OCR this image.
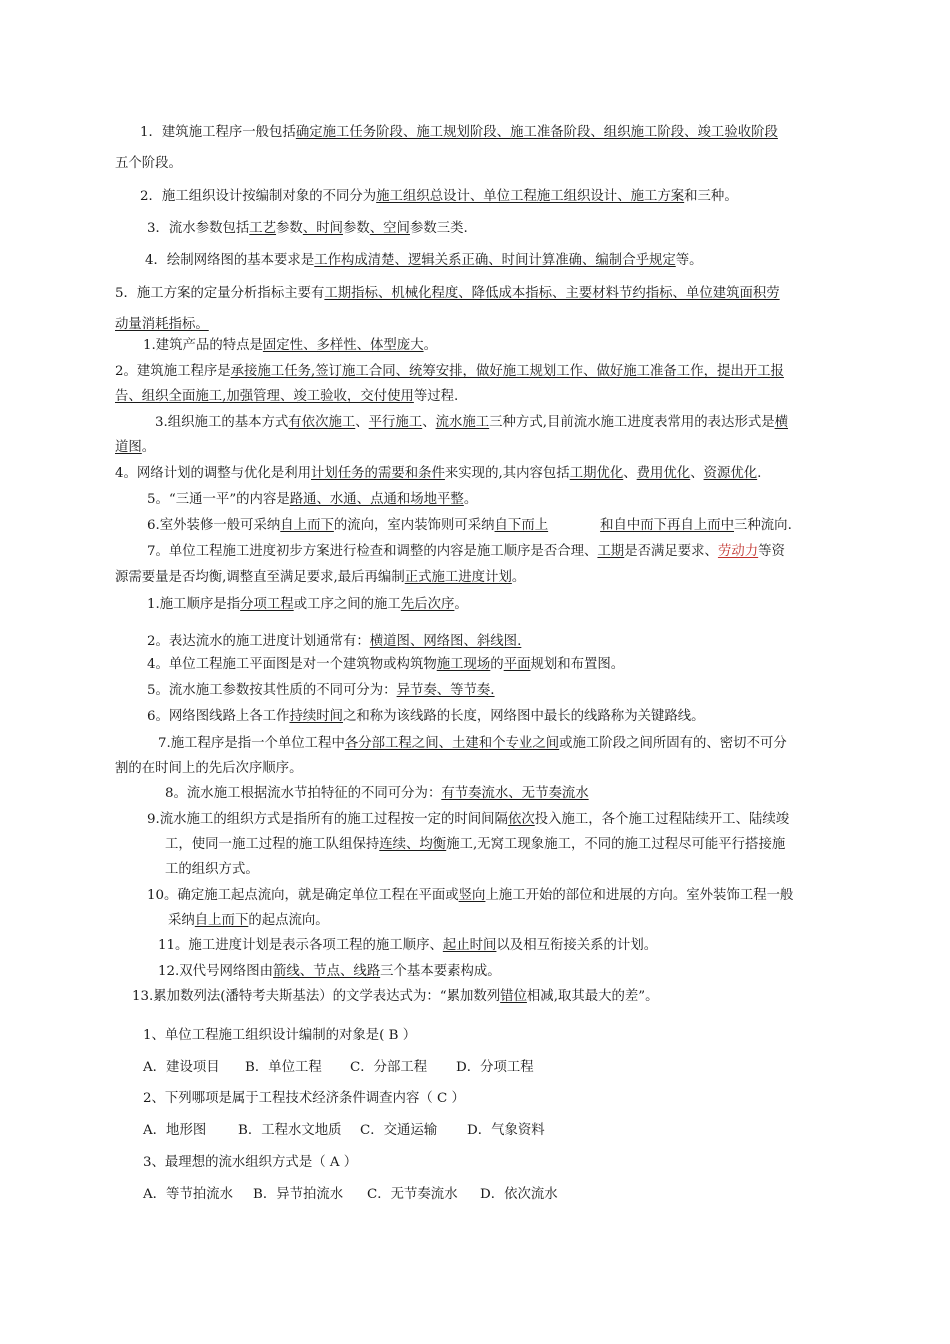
1．建筑施工程序一般包括确定施工任务阶段、施工规划阶段、施工准备阶段、组织施工阶段、竣工验收阶段
五个阶段。
2．施工组织设计按编制对象的不同分为施工组织总设计、单位工程施工组织设计、施工方案和三种。
3．流水参数包括工艺参数、时间参数、空间参数三类.
4．绘制网络图的基本要求是工作构成清楚、逻辑关系正确、时间计算准确、编制合乎规定等。
5．施工方案的定量分析指标主要有工期指标、机械化程度、降低成本指标、主要材料节约指标、单位建筑面积劳
动量消耗指标。
1.建筑产品的特点是固定性、多样性、体型庞大。
2。建筑施工程序是承接施工任务,签订施工合同、统筹安排，做好施工规划工作、做好施工准备工作，提出开工报
告、组织全面施工,加强管理、竣工验收，交付使用等过程.
3.组织施工的基本方式有依次施工、平行施工、流水施工三种方式,目前流水施工进度表常用的表达形式是横
道图。
4。网络计划的调整与优化是利用计划任务的需要和条件来实现的,其内容包括工期优化、费用优化、资源优化.
5。“三通一平”的内容是路通、水通、点通和场地平整。
6.室外装修一般可采纳自上而下的流向，室内装饰则可采纳自下而上	和自中而下再自上而中三种流向.
7。单位工程施工进度初步方案进行检查和调整的内容是施工顺序是否合理、工期是否满足要求、劳动力等资
源需要量是否均衡,调整直至满足要求,最后再编制正式施工进度计划。
1.施工顺序是指分项工程或工序之间的施工先后次序。
2。表达流水的施工进度计划通常有：横道图、网络图、斜线图.
4。单位工程施工平面图是对一个建筑物或构筑物施工现场的平面规划和布置图。
5。流水施工参数按其性质的不同可分为：异节奏、等节奏.
6。网络图线路上各工作持续时间之和称为该线路的长度，网络图中最长的线路称为关键路线。
7.施工程序是指一个单位工程中各分部工程之间、土建和个专业之间或施工阶段之间所固有的、密切不可分
割的在时间上的先后次序顺序。
8。流水施工根据流水节拍特征的不同可分为：有节奏流水、无节奏流水
9.流水施工的组织方式是指所有的施工过程按一定的时间间隔依次投入施工，各个施工过程陆续开工、陆续竣
工，使同一施工过程的施工队组保持连续、均衡施工,无窝工现象施工，不同的施工过程尽可能平行搭接施
工的组织方式。
10。确定施工起点流向，就是确定单位工程在平面或竖向上施工开始的部位和进展的方向。室外装饰工程一般
采纳自上而下的起点流向。
11。施工进度计划是表示各项工程的施工顺序、起止时间以及相互衔接关系的计划。
12.双代号网络图由箭线、节点、线路三个基本要素构成。
13.累加数列法(潘特考夫斯基法）的文学表达式为：“累加数列错位相减,取其最大的差”。
1、单位工程施工组织设计编制的对象是( B ）
A．建设项目 B．单位工程 C．分部工程 D．分项工程
2、下列哪项是属于工程技术经济条件调查内容（ C ）
A．地形图 B．工程水文地质 C．交通运输 D．气象资料
3、最理想的流水组织方式是（ A ）
A．等节拍流水 B．异节拍流水 C．无节奏流水 D．依次流水
